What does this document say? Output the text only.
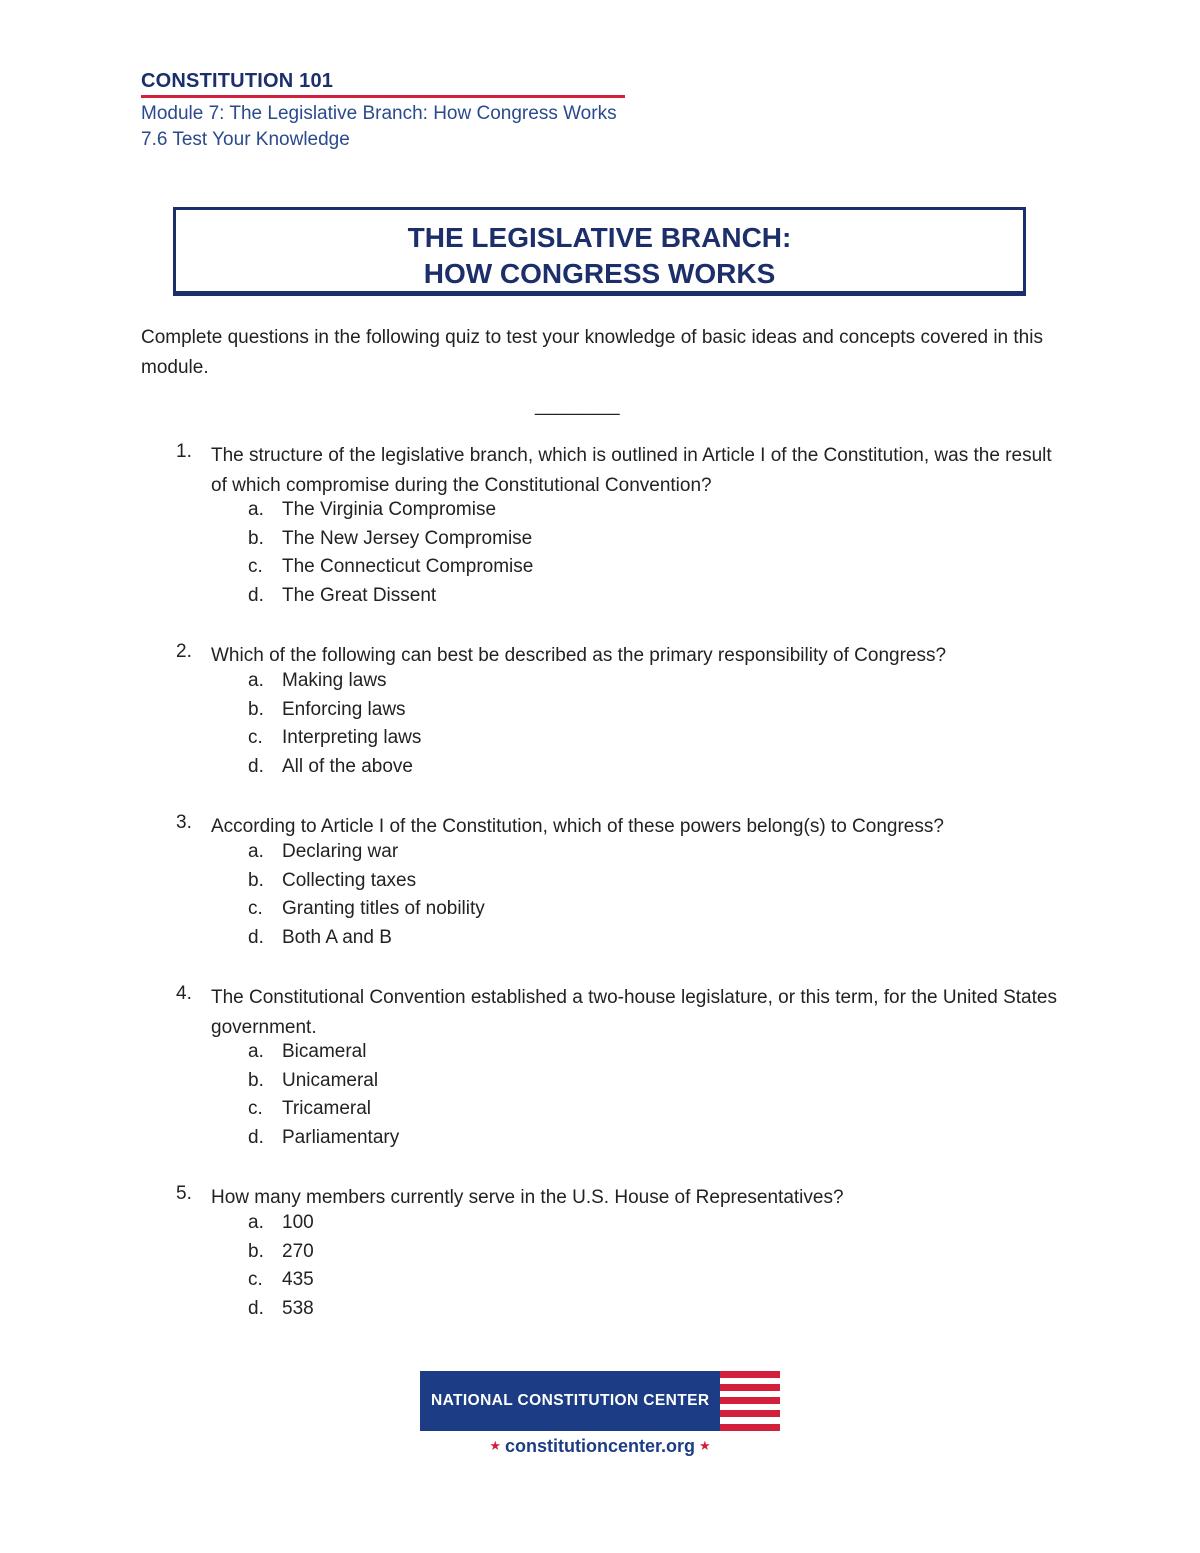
CONSTITUTION 101
Module 7: The Legislative Branch: How Congress Works
7.6 Test Your Knowledge
THE LEGISLATIVE BRANCH:
HOW CONGRESS WORKS
Complete questions in the following quiz to test your knowledge of basic ideas and concepts covered in this module.
________
1. The structure of the legislative branch, which is outlined in Article I of the Constitution, was the result of which compromise during the Constitutional Convention?
a. The Virginia Compromise
b. The New Jersey Compromise
c. The Connecticut Compromise
d. The Great Dissent
2. Which of the following can best be described as the primary responsibility of Congress?
a. Making laws
b. Enforcing laws
c. Interpreting laws
d. All of the above
3. According to Article I of the Constitution, which of these powers belong(s) to Congress?
a. Declaring war
b. Collecting taxes
c. Granting titles of nobility
d. Both A and B
4. The Constitutional Convention established a two-house legislature, or this term, for the United States government.
a. Bicameral
b. Unicameral
c. Tricameral
d. Parliamentary
5. How many members currently serve in the U.S. House of Representatives?
a. 100
b. 270
c. 435
d. 538
NATIONAL CONSTITUTION CENTER
★ constitutioncenter.org ★
